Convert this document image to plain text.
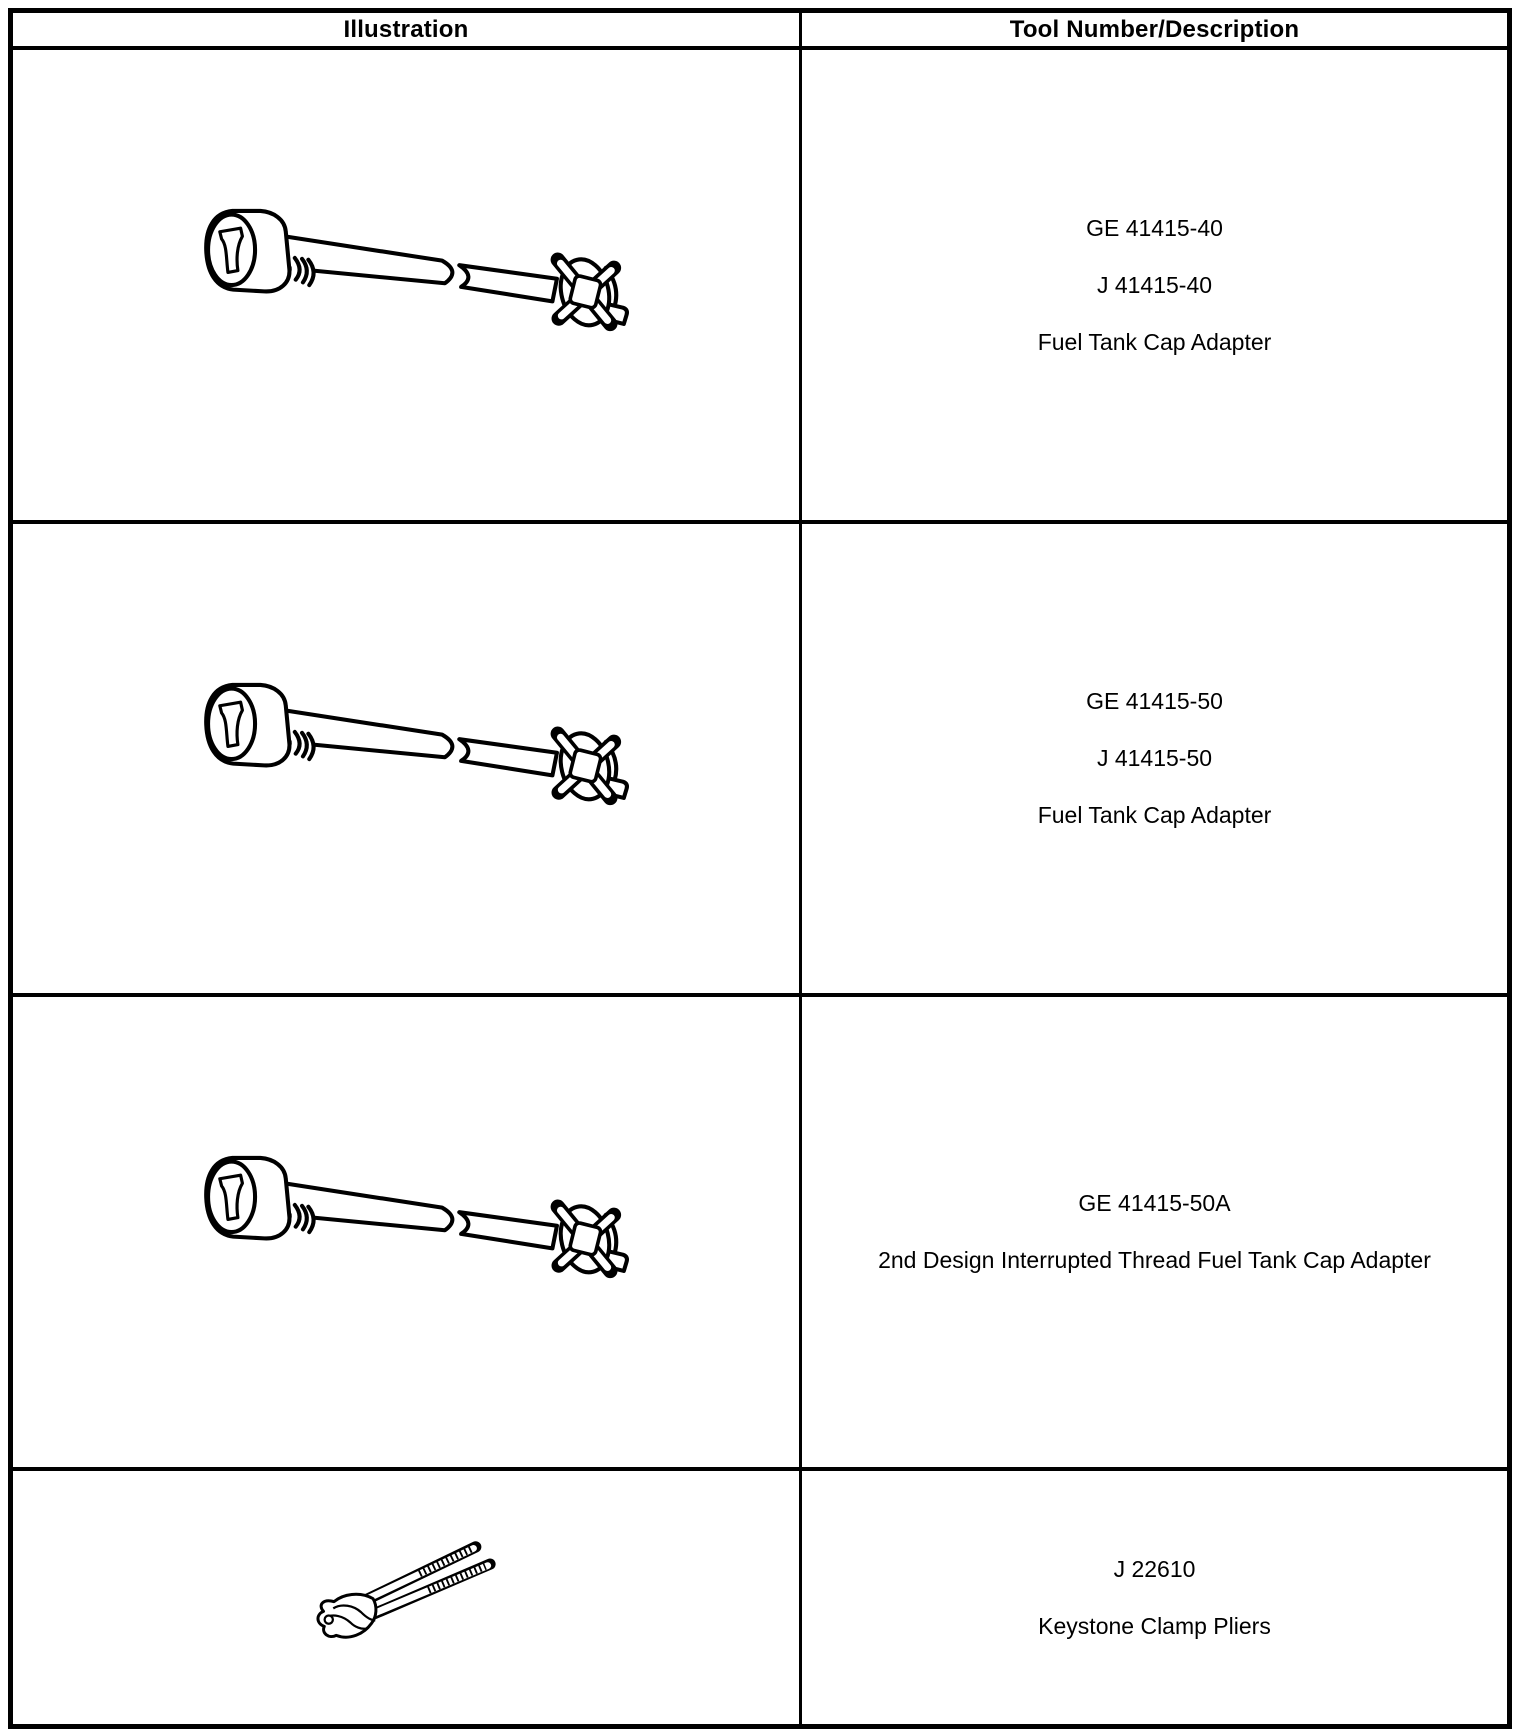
Illustration	Tool Number/Description
GE 41415-40
J 41415-40
Fuel Tank Cap Adapter
GE 41415-50
J 41415-50
Fuel Tank Cap Adapter
GE 41415-50A
2nd Design Interrupted Thread Fuel Tank Cap Adapter
J 22610
Keystone Clamp Pliers
